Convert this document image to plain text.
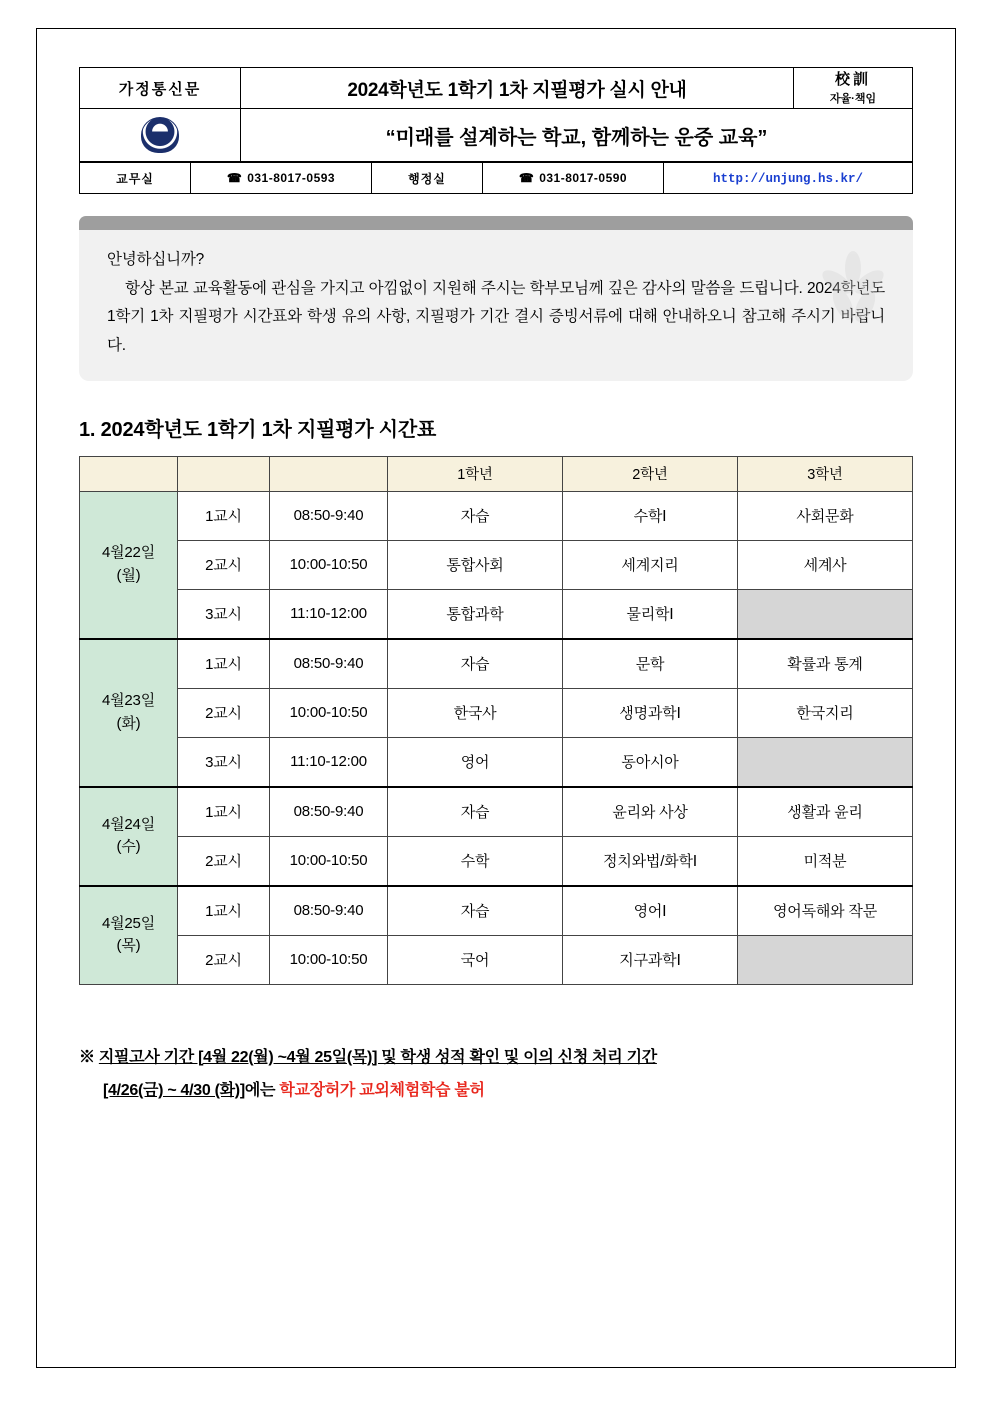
가정통신문	2024학년도 1학기 1차 지필평가 실시 안내	校訓
자율·책임

	“미래를 설계하는 학교, 함께하는 운중 교육”	
교무실	☎ 031-8017-0593	행정실	☎ 031-8017-0590	http://unjung.hs.kr/

안녕하십니까?

항상 본교 교육활동에 관심을 가지고 아낌없이 지원해 주시는 학부모님께 깊은 감사의 말씀을 드립니다. 2024학년도 1학기 1차 지필평가 시간표와 학생 유의 사항, 지필평가 기간 결시 증빙서류에 대해 안내하오니 참고해 주시기 바랍니다.

1. 2024학년도 1학기 1차 지필평가 시간표
			1학년	2학년	3학년

4월22일
(월)	1교시	08:50-9:40	자습	수학Ⅰ	사회문화
	2교시	10:00-10:50	통합사회	세계지리	세계사
	3교시	11:10-12:00	통합과학	물리학Ⅰ	

4월23일
(화)	1교시	08:50-9:40	자습	문학	확률과 통계
	2교시	10:00-10:50	한국사	생명과학Ⅰ	한국지리
	3교시	11:10-12:00	영어	동아시아	

4월24일
(수)	1교시	08:50-9:40	자습	윤리와 사상	생활과 윤리
	2교시	10:00-10:50	수학	정치와법/화학Ⅰ	미적분

4월25일
(목)	1교시	08:50-9:40	자습	영어Ⅰ	영어독해와 작문
	2교시	10:00-10:50	국어	지구과학Ⅰ	
※ 지필고사 기간 [4월 22(월) ~4월 25일(목)] 및 학생 성적 확인 및 이의 신청 처리 기간
[4/26(금) ~ 4/30 (화)]에는 학교장허가 교외체험학습 불허
